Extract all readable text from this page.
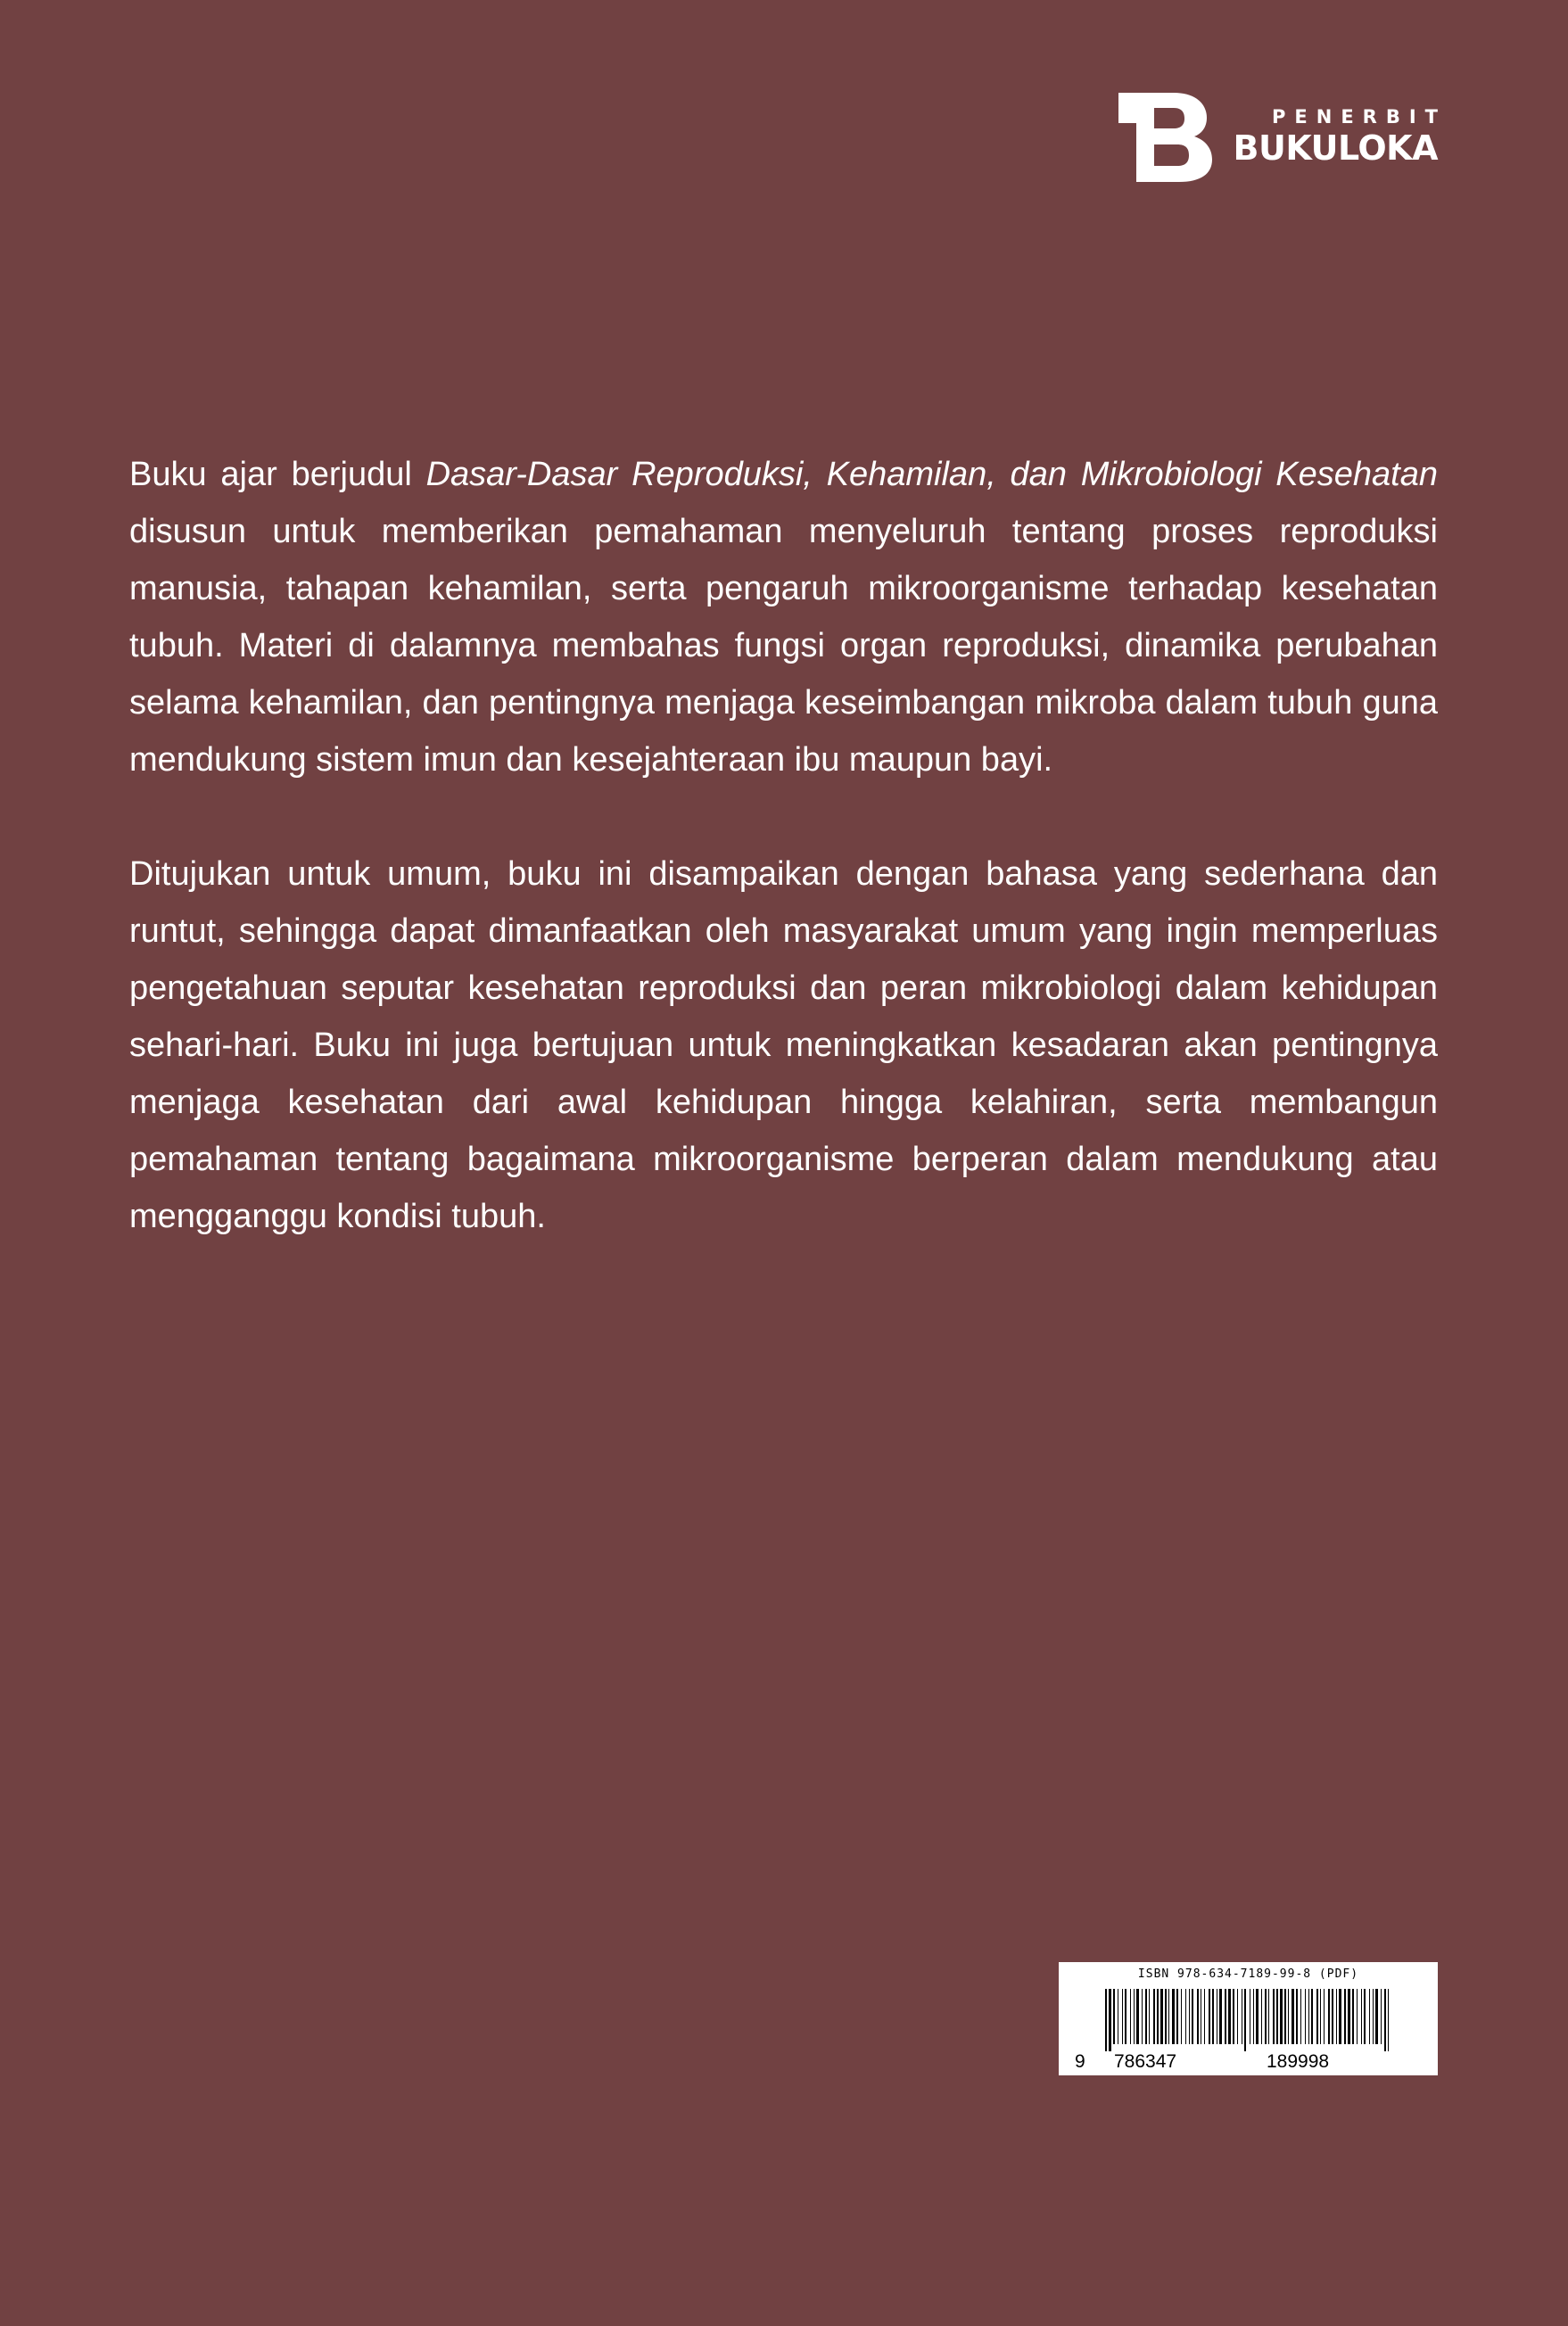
PENERBIT
BUKULOKA

Buku ajar berjudul Dasar-Dasar Reproduksi, Kehamilan, dan Mikrobiologi Kesehatan disusun untuk memberikan pemahaman menyeluruh tentang proses reproduksi manusia, tahapan kehamilan, serta pengaruh mikroorganisme terhadap kesehatan tubuh. Materi di dalamnya membahas fungsi organ reproduksi, dinamika perubahan selama kehamilan, dan pentingnya menjaga keseimbangan mikroba dalam tubuh guna mendukung sistem imun dan kesejahteraan ibu maupun bayi.

Ditujukan untuk umum, buku ini disampaikan dengan bahasa yang sederhana dan runtut, sehingga dapat dimanfaatkan oleh masyarakat umum yang ingin memperluas pengetahuan seputar kesehatan reproduksi dan peran mikrobiologi dalam kehidupan sehari-hari. Buku ini juga bertujuan untuk meningkatkan kesadaran akan pentingnya menjaga kesehatan dari awal kehidupan hingga kelahiran, serta membangun pemahaman tentang bagaimana mikroorganisme berperan dalam mendukung atau mengganggu kondisi tubuh.

ISBN 978-634-7189-99-8 (PDF)
9 786347	189998
